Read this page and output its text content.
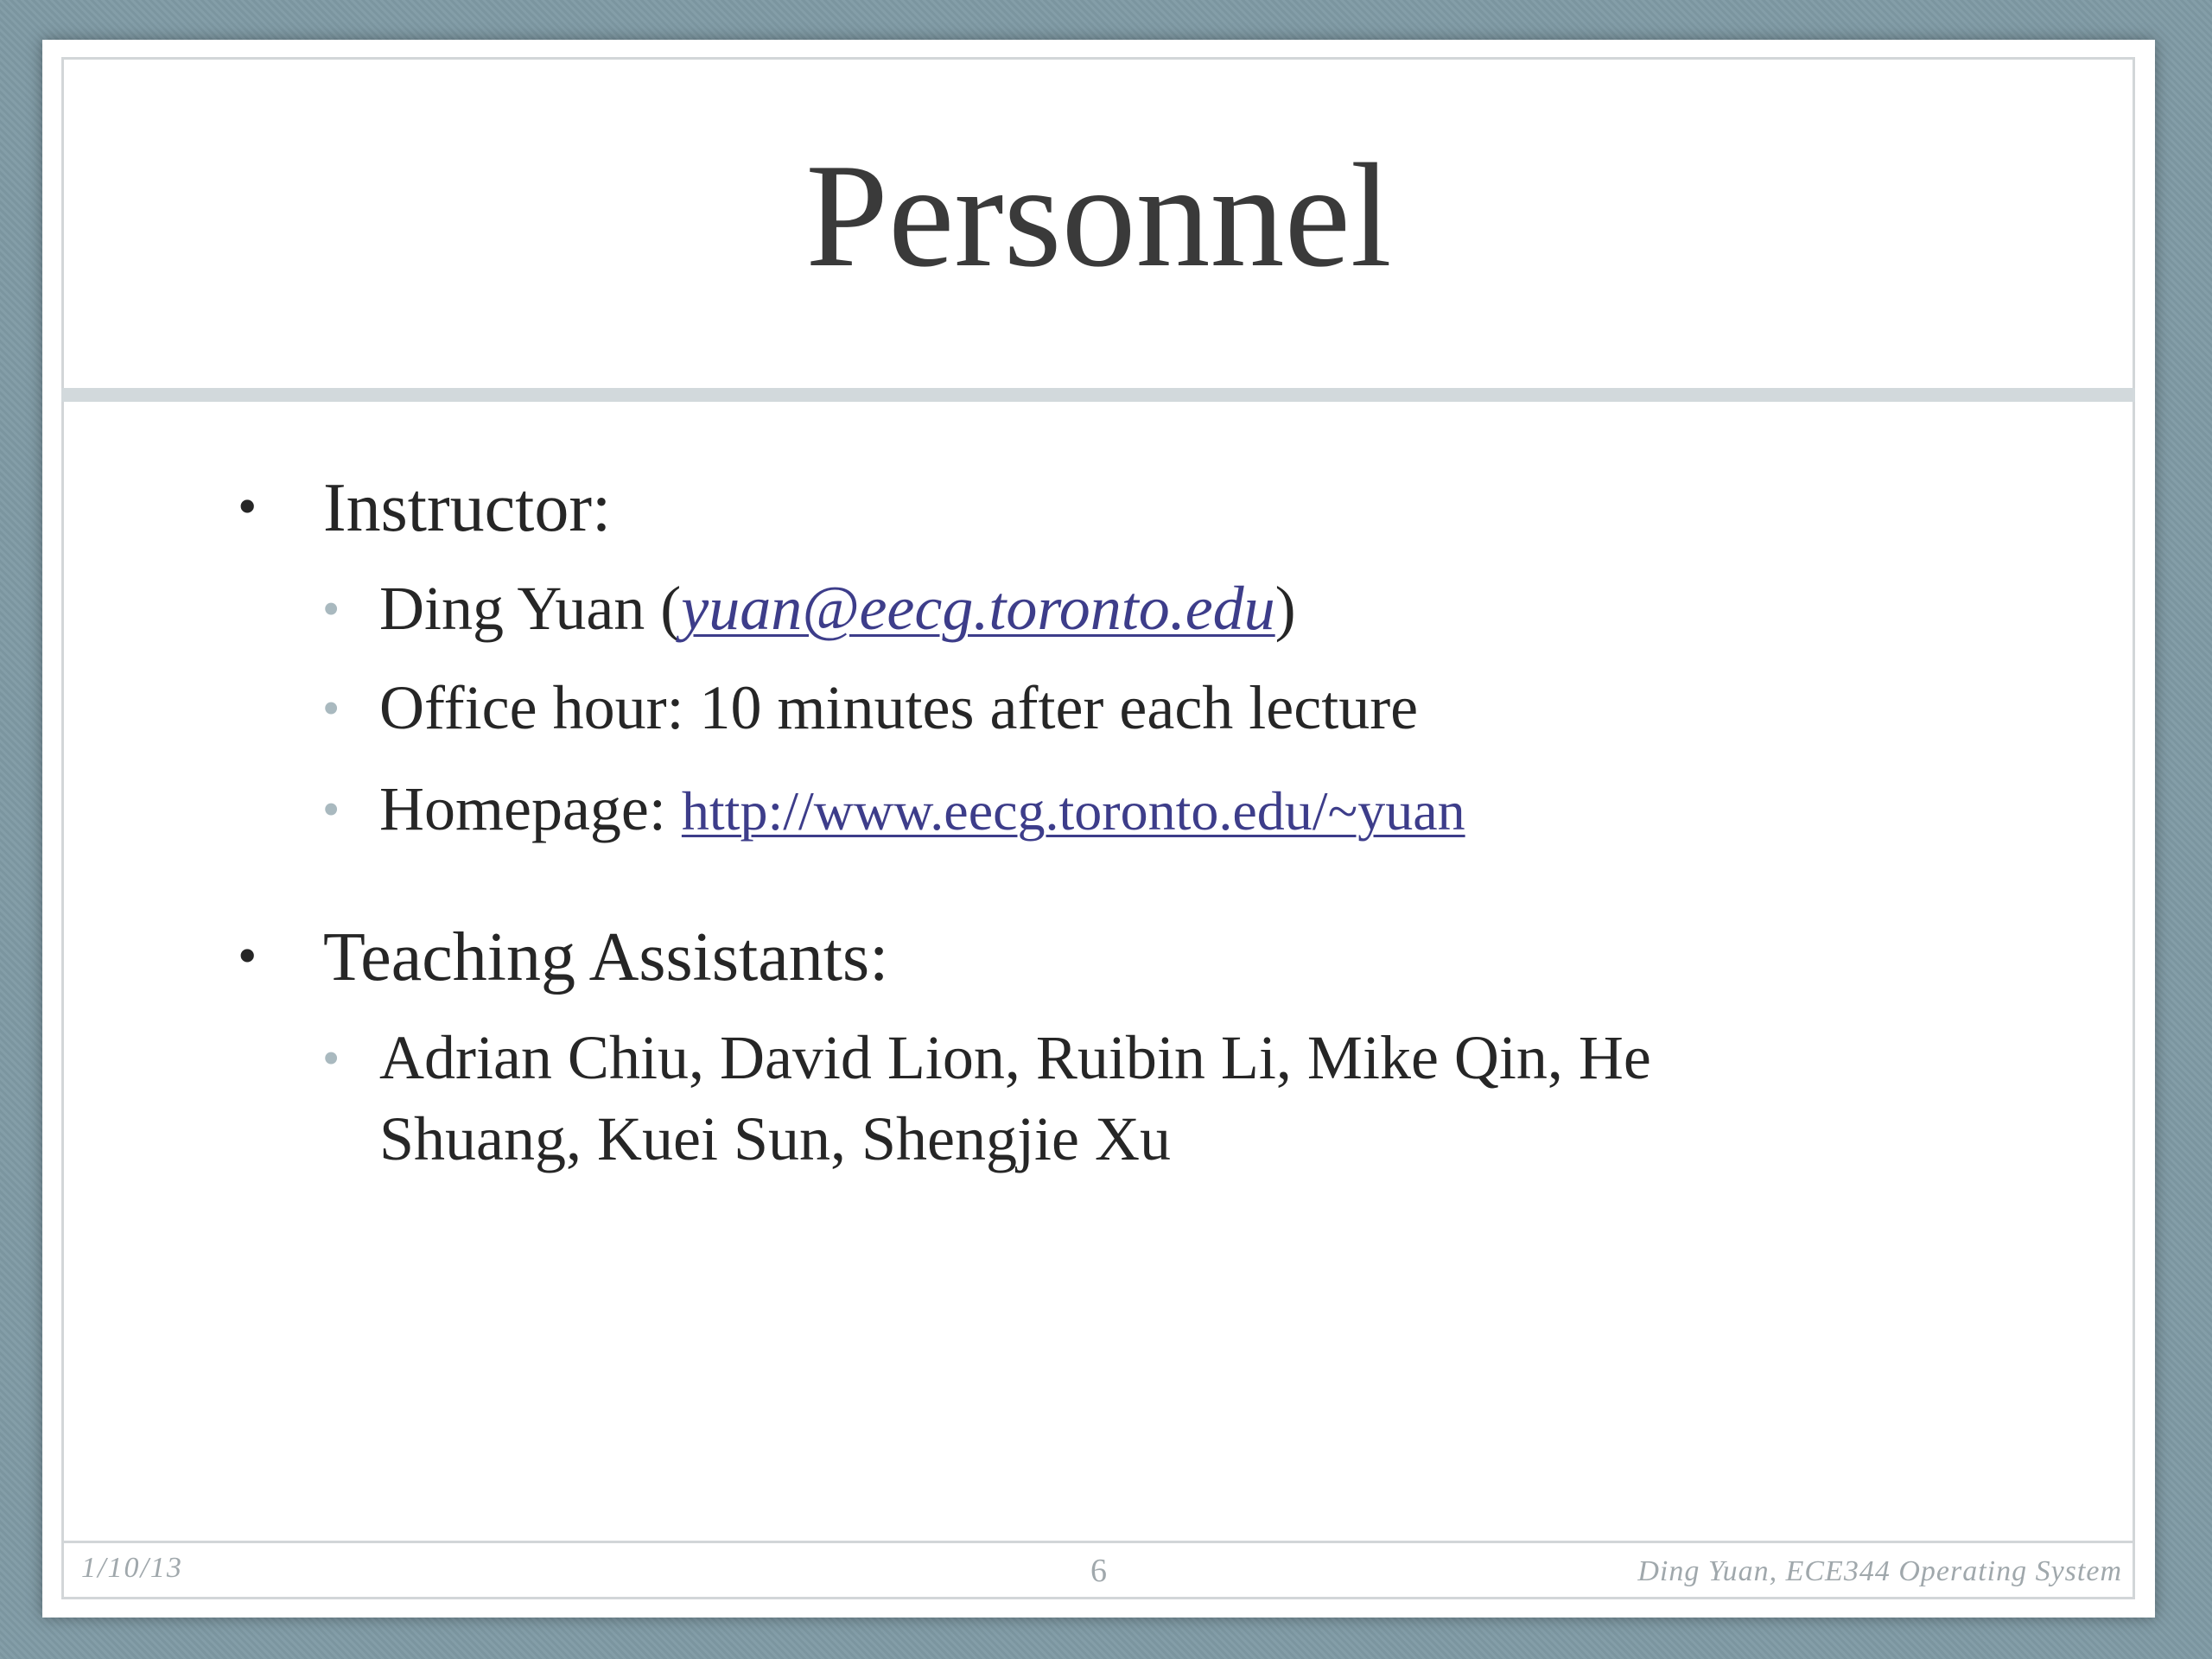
Personnel
• Instructor:
• Ding Yuan (yuan@eecg.toronto.edu)
• Office hour: 10 minutes after each lecture
• Homepage: http://www.eecg.toronto.edu/~yuan
• Teaching Assistants:
• Adrian Chiu, David Lion, Ruibin Li, Mike Qin, He
Shuang, Kuei Sun, Shengjie Xu
1/10/13	6	Ding Yuan, ECE344 Operating System
